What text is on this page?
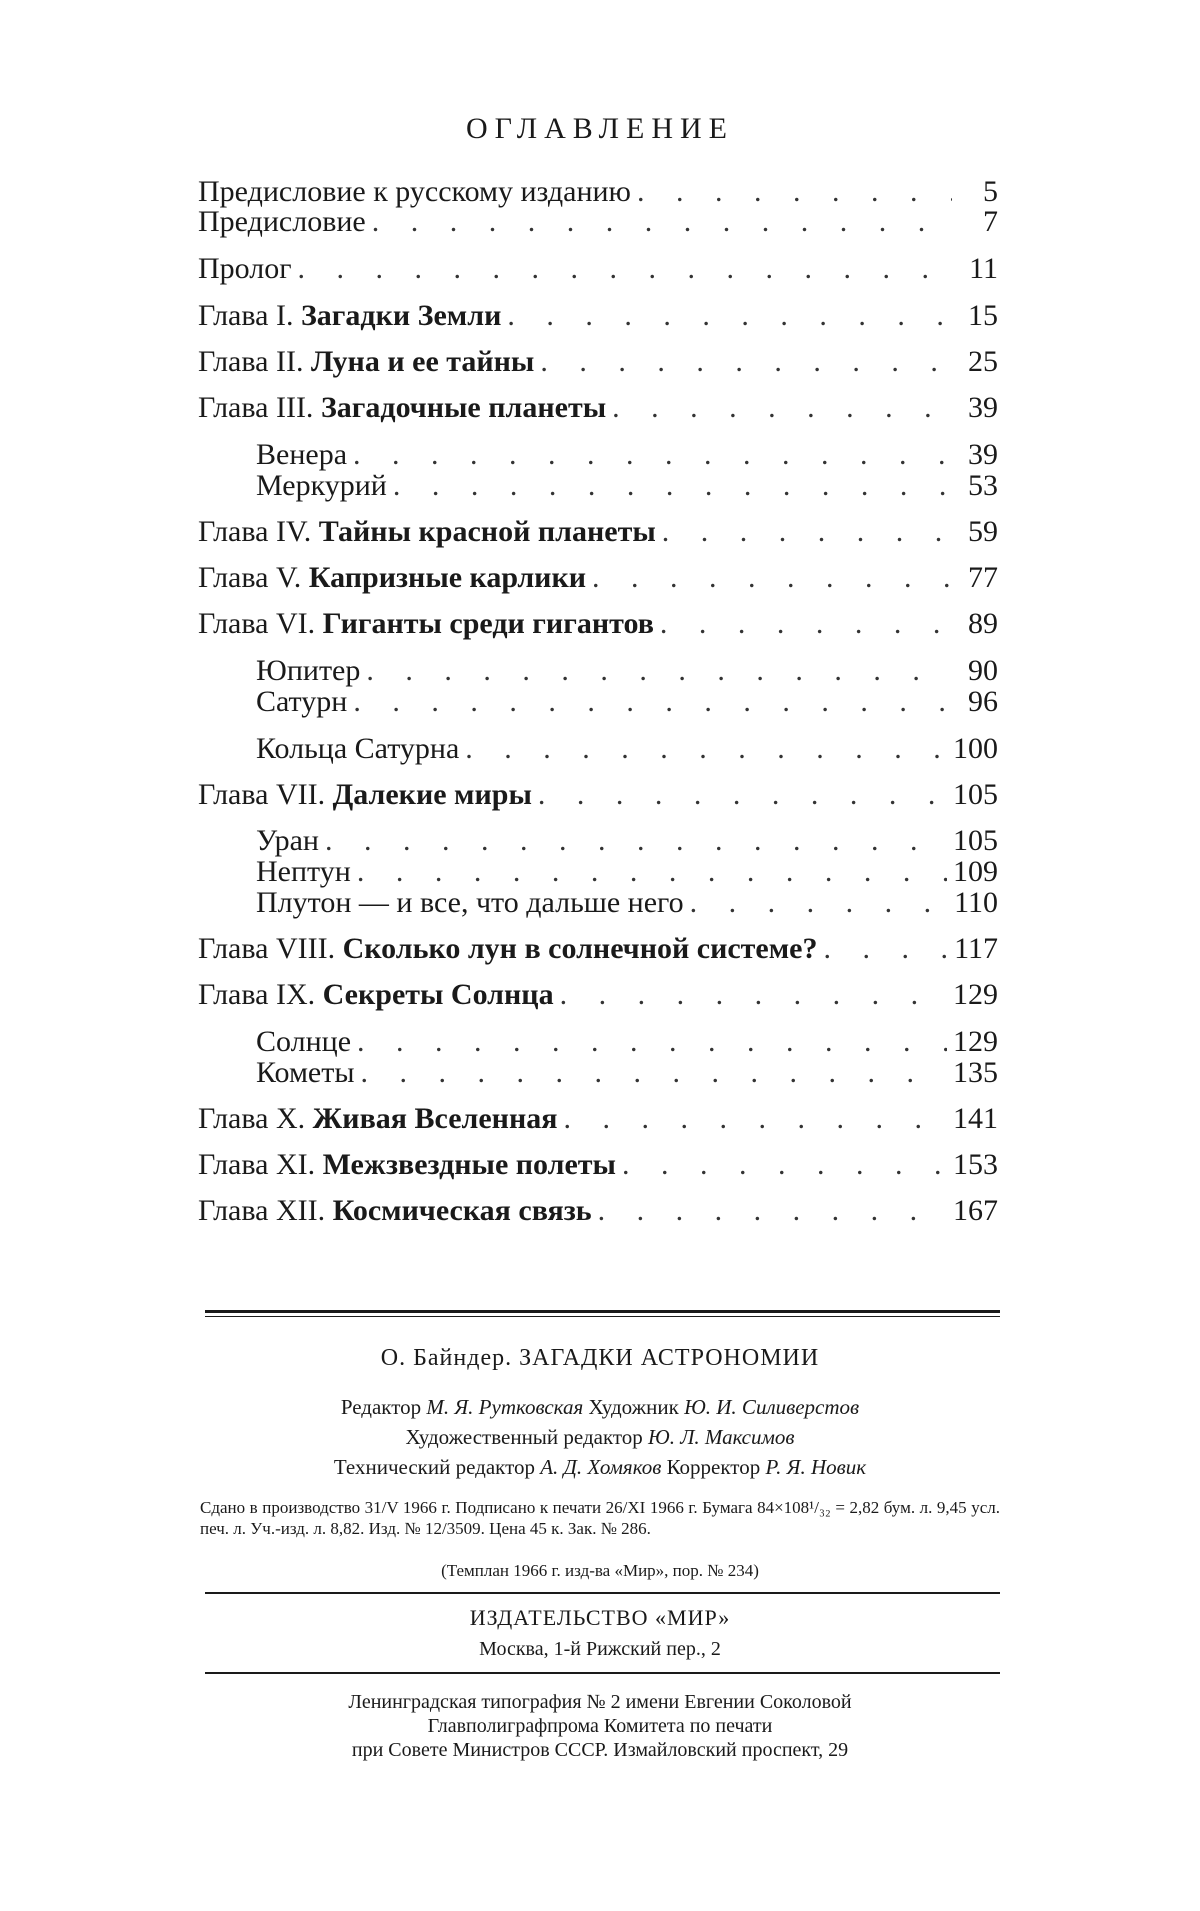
ОГЛАВЛЕНИЕ
Предисловие к русскому изданию . . .	5
Предисловие . . .	7
Пролог . . .	11
Глава I. Загадки Земли . . .	15
Глава II. Луна и ее тайны . . .	25
Глава III. Загадочные планеты . . .	39
Венера . . .	39
Меркурий . . .	53
Глава IV. Тайны красной планеты . . .	59
Глава V. Капризные карлики . . .	77
Глава VI. Гиганты среди гигантов . . .	89
Юпитер . . .	90
Сатурн . . .	96
Кольца Сатурна . . .	100
Глава VII. Далекие миры . . .	105
Уран . . .	105
Нептун . . .	109
Плутон — и все, что дальше него . . .	110
Глава VIII. Сколько лун в солнечной системе? . . .	117
Глава IX. Секреты Солнца . . .	129
Солнце . . .	129
Кометы . . .	135
Глава X. Живая Вселенная . . .	141
Глава XI. Межзвездные полеты . . .	153
Глава XII. Космическая связь . . .	167
О. Байндер. ЗАГАДКИ АСТРОНОМИИ
Редактор М. Я. Рутковская Художник Ю. И. Силиверстов
Художественный редактор Ю. Л. Максимов
Технический редактор А. Д. Хомяков Корректор Р. Я. Новик
Сдано в производство 31/V 1966 г. Подписано к печати 26/XI 1966 г. Бумага 84×108¹/₃₂ = 2,82 бум. л. 9,45 усл. печ. л. Уч.-изд. л. 8,82. Изд. № 12/3509. Цена 45 к. Зак. № 286.
(Темплан 1966 г. изд-ва «Мир», пор. № 234)
ИЗДАТЕЛЬСТВО «МИР»
Москва, 1-й Рижский пер., 2
Ленинградская типография № 2 имени Евгении Соколовой
Главполиграфпрома Комитета по печати
при Совете Министров СССР. Измайловский проспект, 29
